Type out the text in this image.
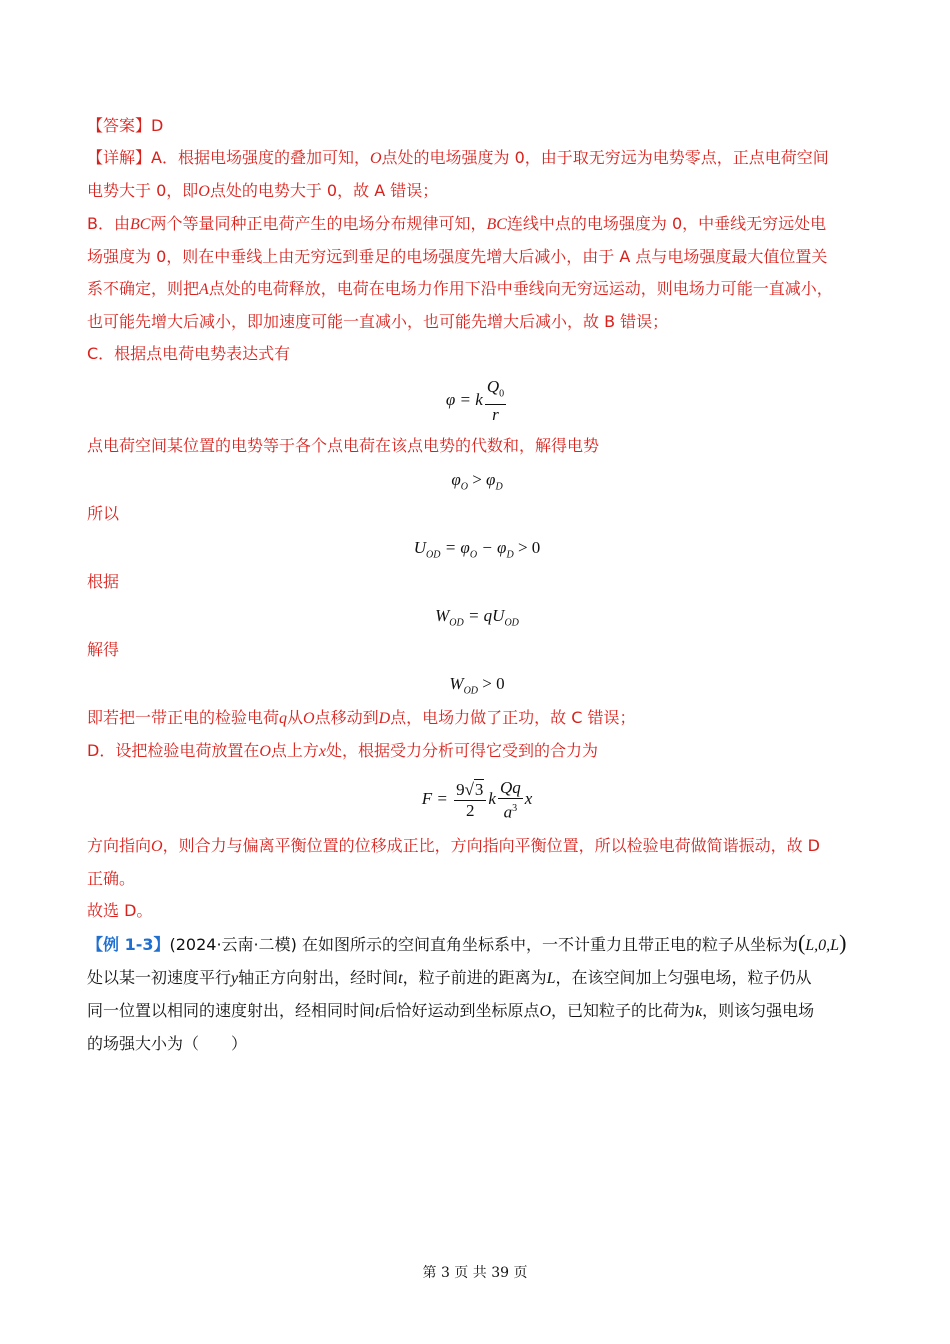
【答案】D
【详解】A．根据电场强度的叠加可知，O点处的电场强度为 0，由于取无穷远为电势零点，正点电荷空间
电势大于 0，即O点处的电势大于 0，故 A 错误；
B．由BC两个等量同种正电荷产生的电场分布规律可知，BC连线中点的电场强度为 0，中垂线无穷远处电
场强度为 0，则在中垂线上由无穷远到垂足的电场强度先增大后减小，由于 A 点与电场强度最大值位置关
系不确定，则把A点处的电荷释放，电荷在电场力作用下沿中垂线向无穷远运动，则电场力可能一直减小，
也可能先增大后减小，即加速度可能一直减小，也可能先增大后减小，故 B 错误；
C．根据点电荷电势表达式有
φ = k $\frac{Q_0}{r}$
点电荷空间某位置的电势等于各个点电荷在该点电势的代数和，解得电势
$\varphi_O > \varphi_D$
所以
$U_{OD} = \varphi_O - \varphi_D > 0$
根据
$W_{OD} = qU_{OD}$
解得
$W_{OD} > 0$
即若把一带正电的检验电荷q从O点移动到D点，电场力做了正功，故 C 错误；
D．设把检验电荷放置在O点上方x处，根据受力分析可得它受到的合力为
$F = \frac{9√3}{2}$ k $\frac{Qq}{a^3}$ x
方向指向O，则合力与偏离平衡位置的位移成正比，方向指向平衡位置，所以检验电荷做简谐振动，故 D
正确。
故选 D。
【例 1-3】(2024·云南·二模) 在如图所示的空间直角坐标系中，一不计重力且带正电的粒子从坐标为(L,0,L)
处以某一初速度平行y轴正方向射出，经时间t，粒子前进的距离为L，在该空间加上匀强电场，粒子仍从
同一位置以相同的速度射出，经相同时间t后恰好运动到坐标原点O，已知粒子的比荷为k，则该匀强电场
的场强大小为（　　）
第 3 页 共 39 页
